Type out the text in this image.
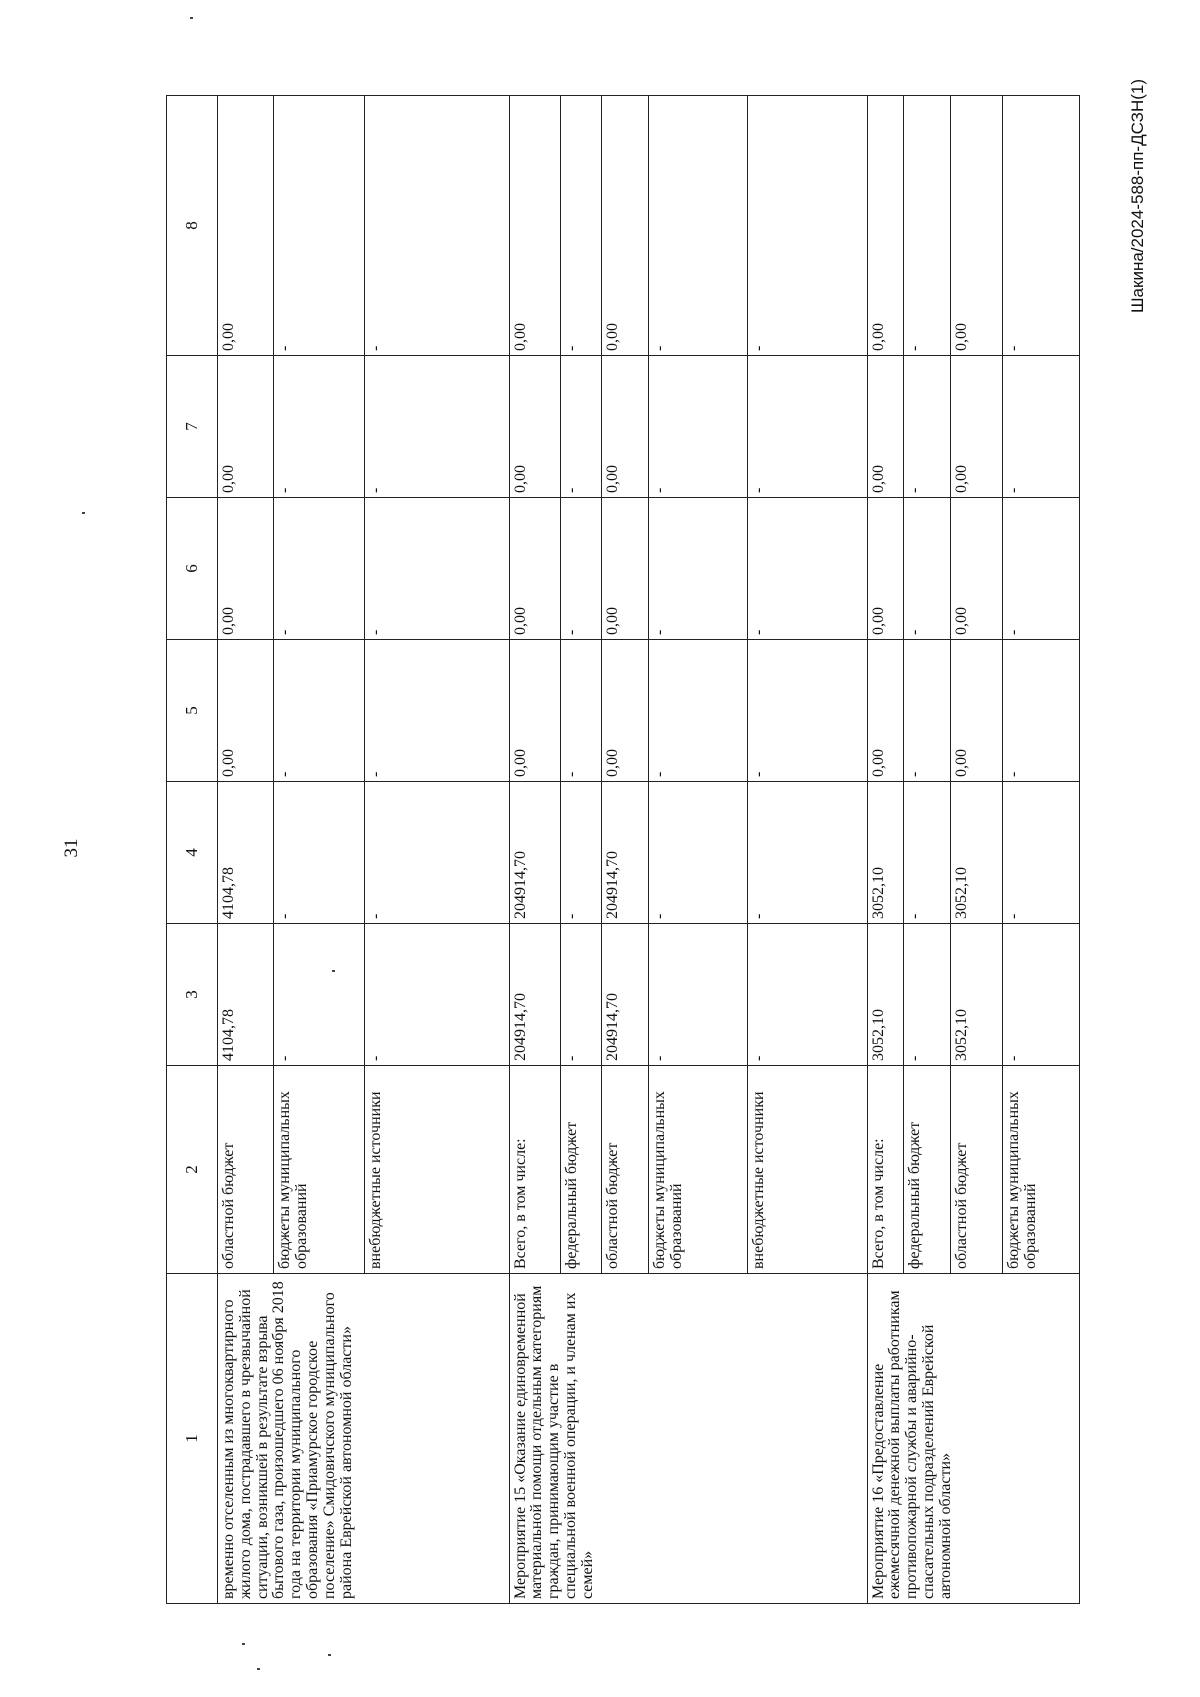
31
Шакина/2024-588-пп-ДСЗН(1)
1	2	3	4	5	6	7	8
временно отселенным из многоквартирного жилого дома, пострадавшего в чрезвычайной ситуации, возникшей в результате взрыва бытового газа, произошедшего 06 ноября 2018 года на территории муниципального образования «Приамурское городское поселение» Смидовичского муниципального района Еврейской автономной области»	областной бюджет	4104,78	4104,78	0,00	0,00	0,00	0,00
	бюджеты муниципальных образований	-	-	-	-	-	-
	внебюджетные источники	-	-	-	-	-	-
Мероприятие 15 «Оказание единовременной материальной помощи отдельным категориям граждан, принимающим участие в специальной военной операции, и членам их семей»	Всего, в том числе:	204914,70	204914,70	0,00	0,00	0,00	0,00
	федеральный бюджет	-	-	-	-	-	-
	областной бюджет	204914,70	204914,70	0,00	0,00	0,00	0,00
	бюджеты муниципальных образований	-	-	-	-	-	-
	внебюджетные источники	-	-	-	-	-	-
Мероприятие 16 «Предоставление ежемесячной денежной выплаты работникам противопожарной службы и аварийно-спасательных подразделений Еврейской автономной области»	Всего, в том числе:	3052,10	3052,10	0,00	0,00	0,00	0,00
	федеральный бюджет	-	-	-	-	-	-
	областной бюджет	3052,10	3052,10	0,00	0,00	0,00	0,00
	бюджеты муниципальных образований	-	-	-	-	-	-
